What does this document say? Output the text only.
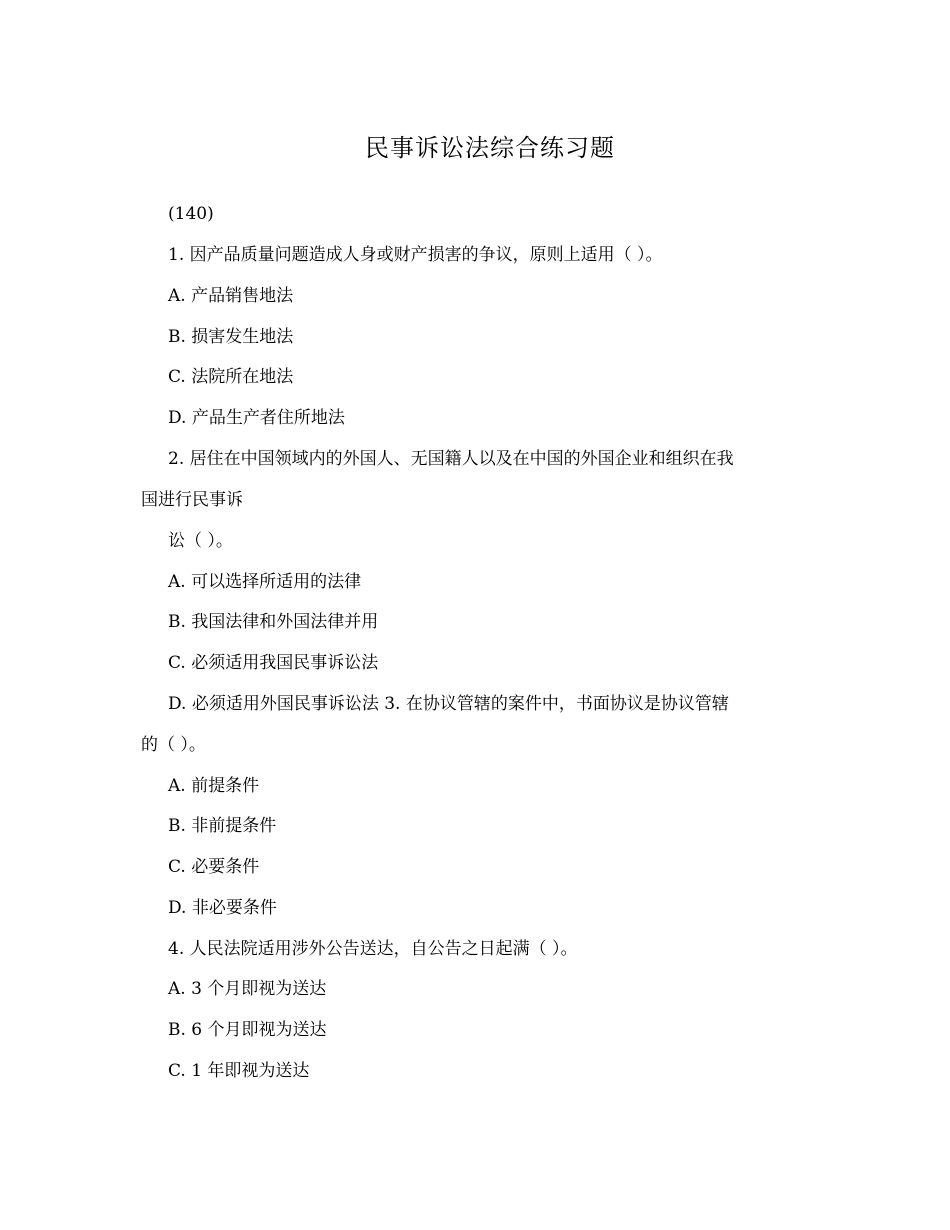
民事诉讼法综合练习题
(140)
1. 因产品质量问题造成人身或财产损害的争议，原则上适用（ ）。
A. 产品销售地法
B. 损害发生地法
C. 法院所在地法
D. 产品生产者住所地法
2. 居住在中国领域内的外国人、无国籍人以及在中国的外国企业和组织在我
国进行民事诉
讼（ ）。
A. 可以选择所适用的法律
B. 我国法律和外国法律并用
C. 必须适用我国民事诉讼法
D. 必须适用外国民事诉讼法 3. 在协议管辖的案件中，书面协议是协议管辖
的（ ）。
A. 前提条件
B. 非前提条件
C. 必要条件
D. 非必要条件
4. 人民法院适用涉外公告送达，自公告之日起满（ ）。
A. 3 个月即视为送达
B. 6 个月即视为送达
C. 1 年即视为送达
